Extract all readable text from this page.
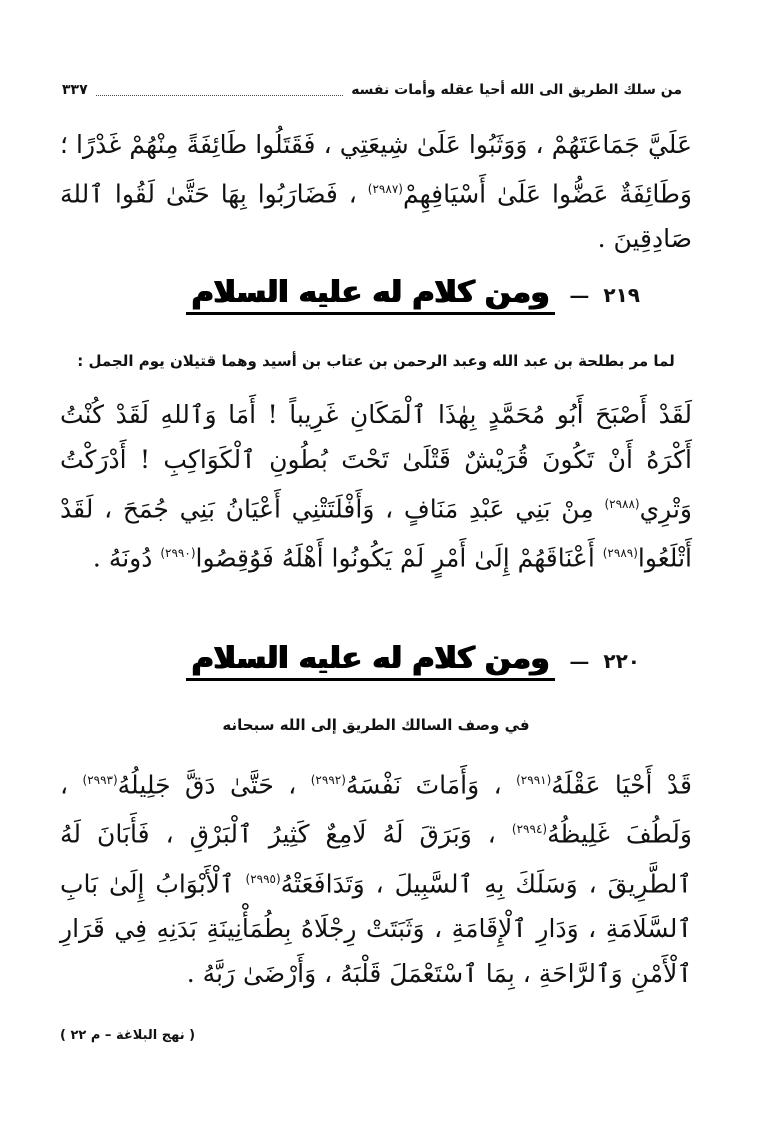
من سلك الطريق الى الله أحيا عقله وأمات نفسه
٣٣٧
عَلَيَّ جَمَاعَتَهُمْ ، وَوَثَبُوا عَلَىٰ شِيعَتِي ، فَقَتَلُوا طَائِفَةً مِنْهُمْ غَدْرًا ؛ وَطَائِفَةٌ عَضُّوا عَلَىٰ أَسْيَافِهِمْ$^{(٢٩٨٧)}$ ، فَضَارَبُوا بِهَا حَتَّىٰ لَقُوا ٱللهَ صَادِقِينَ .
٢١٩
—
ومن كلام له عليه السلام
لما مر بطلحة بن عبد الله وعبد الرحمن بن عتاب بن أسيد وهما قتيلان يوم الجمل :
لَقَدْ أَصْبَحَ أَبُو مُحَمَّدٍ بِهٰذَا ٱلْمَكَانِ غَرِيباً ! أَمَا وَٱللهِ لَقَدْ كُنْتُ أَكْرَهُ أَنْ تَكُونَ قُرَيْشٌ قَتْلَىٰ تَحْتَ بُطُونِ ٱلْكَوَاكِبِ ! أَدْرَكْتُ وَتْرِي$^{(٢٩٨٨)}$ مِنْ بَنِي عَبْدِ مَنَافٍ ، وَأَفْلَتَتْنِي أَعْيَانُ بَنِي جُمَحَ ، لَقَدْ أَتْلَعُوا$^{(٢٩٨٩)}$ أَعْنَاقَهُمْ إِلَىٰ أَمْرٍ لَمْ يَكُونُوا أَهْلَهُ فَوُقِصُوا$^{(٢٩٩٠)}$ دُونَهُ .
٢٢٠
—
ومن كلام له عليه السلام
في وصف السالك الطريق إلى الله سبحانه
قَدْ أَحْيَا عَقْلَهُ$^{(٢٩٩١)}$ ، وَأَمَاتَ نَفْسَهُ$^{(٢٩٩٢)}$ ، حَتَّىٰ دَقَّ جَلِيلُهُ$^{(٢٩٩٣)}$ ، وَلَطُفَ غَلِيظُهُ$^{(٢٩٩٤)}$ ، وَبَرَقَ لَهُ لَامِعٌ كَثِيرُ ٱلْبَرْقِ ، فَأَبَانَ لَهُ ٱلطَّرِيقَ ، وَسَلَكَ بِهِ ٱلسَّبِيلَ ، وَتَدَافَعَتْهُ$^{(٢٩٩٥)}$ ٱلْأَبْوَابُ إِلَىٰ بَابِ ٱلسَّلَامَةِ ، وَدَارِ ٱلْإِقَامَةِ ، وَثَبَتَتْ رِجْلَاهُ بِطُمَأْنِينَةِ بَدَنِهِ فِي قَرَارِ ٱلْأَمْنِ وَٱلرَّاحَةِ ، بِمَا ٱسْتَعْمَلَ قَلْبَهُ ، وَأَرْضَىٰ رَبَّهُ .
( نهج البلاغة – م ٢٢ )
